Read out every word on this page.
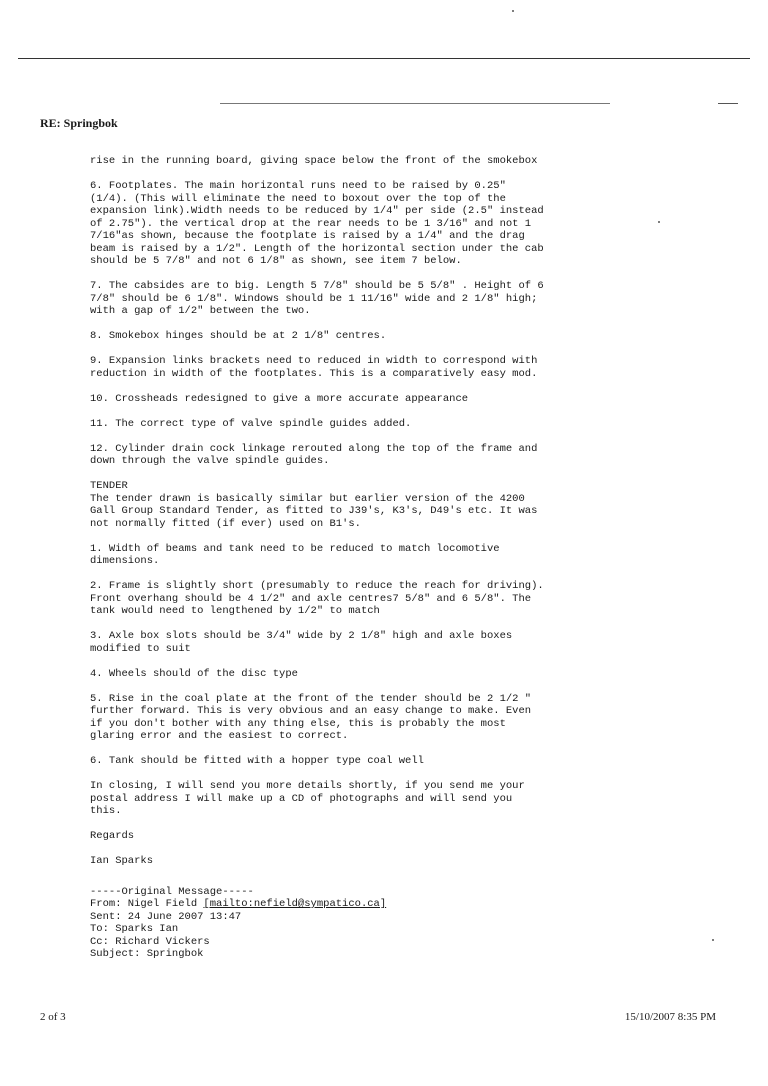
RE: Springbok
rise in the running board, giving space below the front of the smokebox
6. Footplates. The main horizontal runs need to be raised by 0.25"
(1/4). (This will eliminate the need to boxout over the top of the
expansion link).Width needs to be reduced by 1/4" per side (2.5" instead
of 2.75"). the vertical drop at the rear needs to be 1 3/16" and not 1
7/16"as shown, because the footplate is raised by a 1/4" and the drag
beam is raised by a 1/2". Length of the horizontal section under the cab
should be 5 7/8" and not 6 1/8" as shown, see item 7 below.
7. The cabsides are to big. Length 5 7/8" should be 5 5/8" . Height of 6
7/8" should be 6 1/8". Windows should be 1 11/16" wide and 2 1/8" high;
with a gap of 1/2" between the two.
8. Smokebox hinges should be at 2 1/8" centres.
9. Expansion links brackets need to reduced in width to correspond with
reduction in width of the footplates. This is a comparatively easy mod.
10. Crossheads redesigned to give a more accurate appearance
11. The correct type of valve spindle guides added.
12. Cylinder drain cock linkage rerouted along the top of the frame and
down through the valve spindle guides.
TENDER
The tender drawn is basically similar but earlier version of the 4200
Gall Group Standard Tender, as fitted to J39's, K3's, D49's etc. It was
not normally fitted (if ever) used on B1's.
1. Width of beams and tank need to be reduced to match locomotive
dimensions.
2. Frame is slightly short (presumably to reduce the reach for driving).
Front overhang should be 4 1/2" and axle centres7 5/8" and 6 5/8". The
tank would need to lengthened by 1/2" to match
3. Axle box slots should be 3/4" wide by 2 1/8" high and axle boxes
modified to suit
4. Wheels should of the disc type
5. Rise in the coal plate at the front of the tender should be 2 1/2 "
further forward. This is very obvious and an easy change to make. Even
if you don't bother with any thing else, this is probably the most
glaring error and the easiest to correct.
6. Tank should be fitted with a hopper type coal well
In closing, I will send you more details shortly, if you send me your
postal address I will make up a CD of photographs and will send you
this.
Regards
Ian Sparks
-----Original Message-----
From: Nigel Field [mailto:nefield@sympatico.ca]
Sent: 24 June 2007 13:47
To: Sparks Ian
Cc: Richard Vickers
Subject: Springbok
2 of 3	15/10/2007 8:35 PM
